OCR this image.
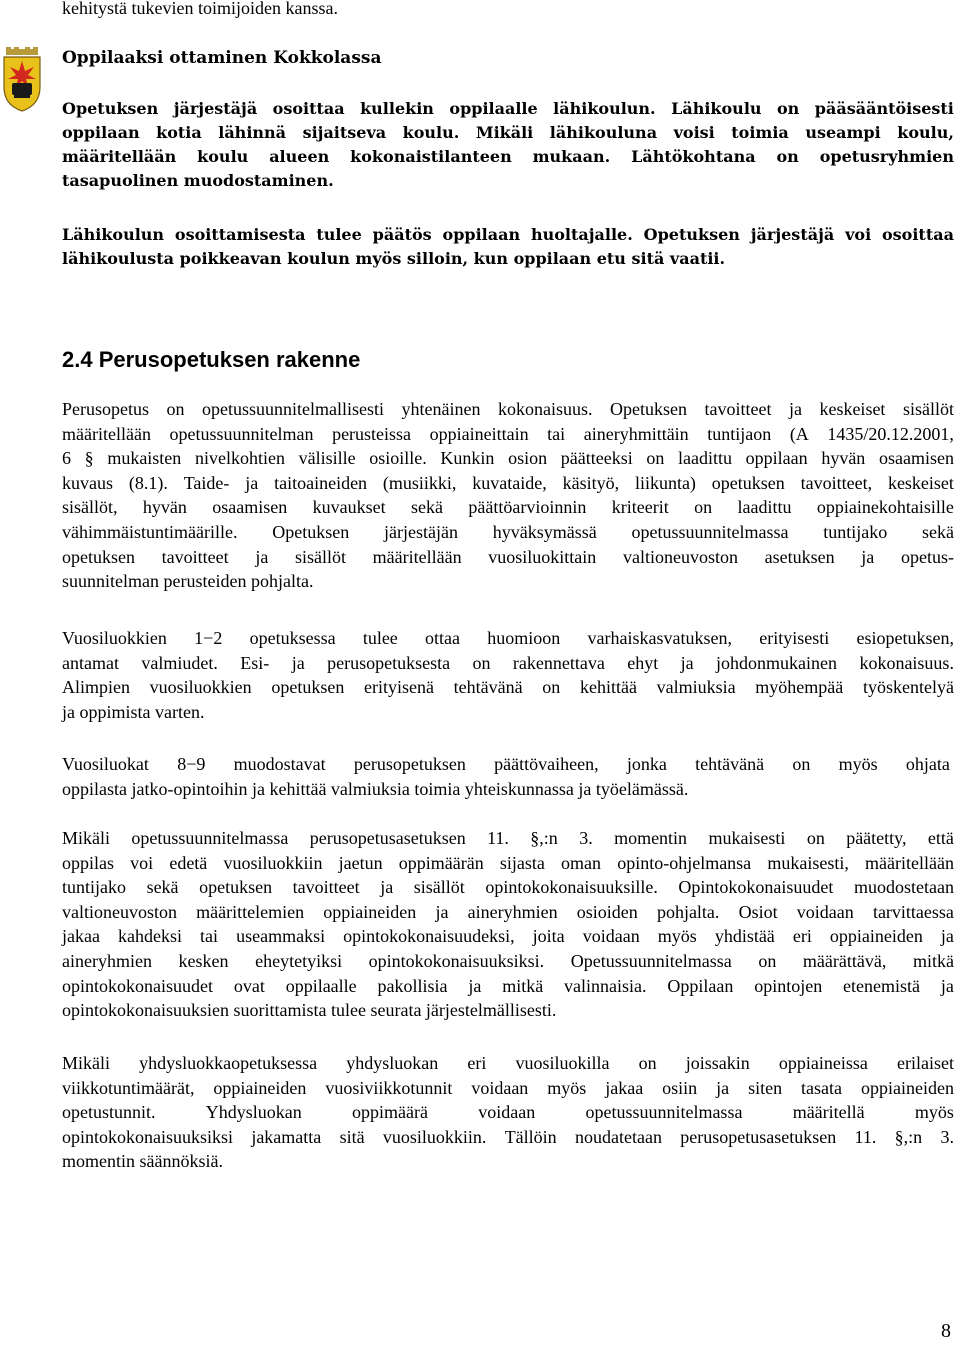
kehitystä tukevien toimijoiden kanssa.
Oppilaaksi ottaminen Kokkolassa
Opetuksen järjestäjä osoittaa kullekin oppilaalle lähikoulun. Lähikoulu on pääsääntöisesti
oppilaan kotia lähinnä sijaitseva koulu. Mikäli lähikouluna voisi toimia useampi koulu,
määritellään koulu alueen kokonaistilanteen mukaan. Lähtökohtana on opetusryhmien
tasapuolinen muodostaminen.
Lähikoulun osoittamisesta tulee päätös oppilaan huoltajalle. Opetuksen järjestäjä voi osoittaa
lähikoulusta poikkeavan koulun myös silloin, kun oppilaan etu sitä vaatii.
2.4 Perusopetuksen rakenne
Perusopetus on opetussuunnitelmallisesti yhtenäinen kokonaisuus. Opetuksen tavoitteet ja keskeiset sisällöt
määritellään opetussuunnitelman perusteissa oppiaineittain tai aineryhmittäin tuntijaon (A 1435/20.12.2001,
6 § mukaisten nivelkohtien välisille osioille. Kunkin osion päätteeksi on laadittu oppilaan hyvän osaamisen
kuvaus (8.1). Taide- ja taitoaineiden (musiikki, kuvataide, käsityö, liikunta) opetuksen tavoitteet, keskeiset
sisällöt, hyvän osaamisen kuvaukset sekä päättöarvioinnin kriteerit on laadittu oppiainekohtaisille
vähimmäistuntimäärille. Opetuksen järjestäjän hyväksymässä opetussuunnitelmassa tuntijako sekä
opetuksen tavoitteet ja sisällöt määritellään vuosiluokittain valtioneuvoston asetuksen ja opetus-
suunnitelman perusteiden pohjalta.
Vuosiluokkien 1−2 opetuksessa tulee ottaa huomioon varhaiskasvatuksen, erityisesti esiopetuksen,
antamat valmiudet. Esi- ja perusopetuksesta on rakennettava ehyt ja johdonmukainen kokonaisuus.
Alimpien vuosiluokkien opetuksen erityisenä tehtävänä on kehittää valmiuksia myöhempää työskentelyä
ja oppimista varten.
Vuosiluokat 8−9 muodostavat perusopetuksen päättövaiheen, jonka tehtävänä on myös ohjata
oppilasta jatko-opintoihin ja kehittää valmiuksia toimia yhteiskunnassa ja työelämässä.
Mikäli opetussuunnitelmassa perusopetusasetuksen 11. §,:n 3. momentin mukaisesti on päätetty, että
oppilas voi edetä vuosiluokkiin jaetun oppimäärän sijasta oman opinto-ohjelmansa mukaisesti, määritellään
tuntijako sekä opetuksen tavoitteet ja sisällöt opintokokonaisuuksille. Opintokokonaisuudet muodostetaan
valtioneuvoston määrittelemien oppiaineiden ja aineryhmien osioiden pohjalta. Osiot voidaan tarvittaessa
jakaa kahdeksi tai useammaksi opintokokonaisuudeksi, joita voidaan myös yhdistää eri oppiaineiden ja
aineryhmien kesken eheytetyiksi opintokokonaisuuksiksi. Opetussuunnitelmassa on määrättävä, mitkä
opintokokonaisuudet ovat oppilaalle pakollisia ja mitkä valinnaisia. Oppilaan opintojen etenemistä ja
opintokokonaisuuksien suorittamista tulee seurata järjestelmällisesti.
Mikäli yhdysluokkaopetuksessa yhdysluokan eri vuosiluokilla on joissakin oppiaineissa erilaiset
viikkotuntimäärät, oppiaineiden vuosiviikkotunnit voidaan myös jakaa osiin ja siten tasata oppiaineiden
opetustunnit.	Yhdysluokan	oppimäärä	voidaan	opetussuunnitelmassa	määritellä	myös
opintokokonaisuuksiksi jakamatta sitä vuosiluokkiin. Tällöin noudatetaan perusopetusasetuksen 11. §,:n 3.
momentin säännöksiä.
8
